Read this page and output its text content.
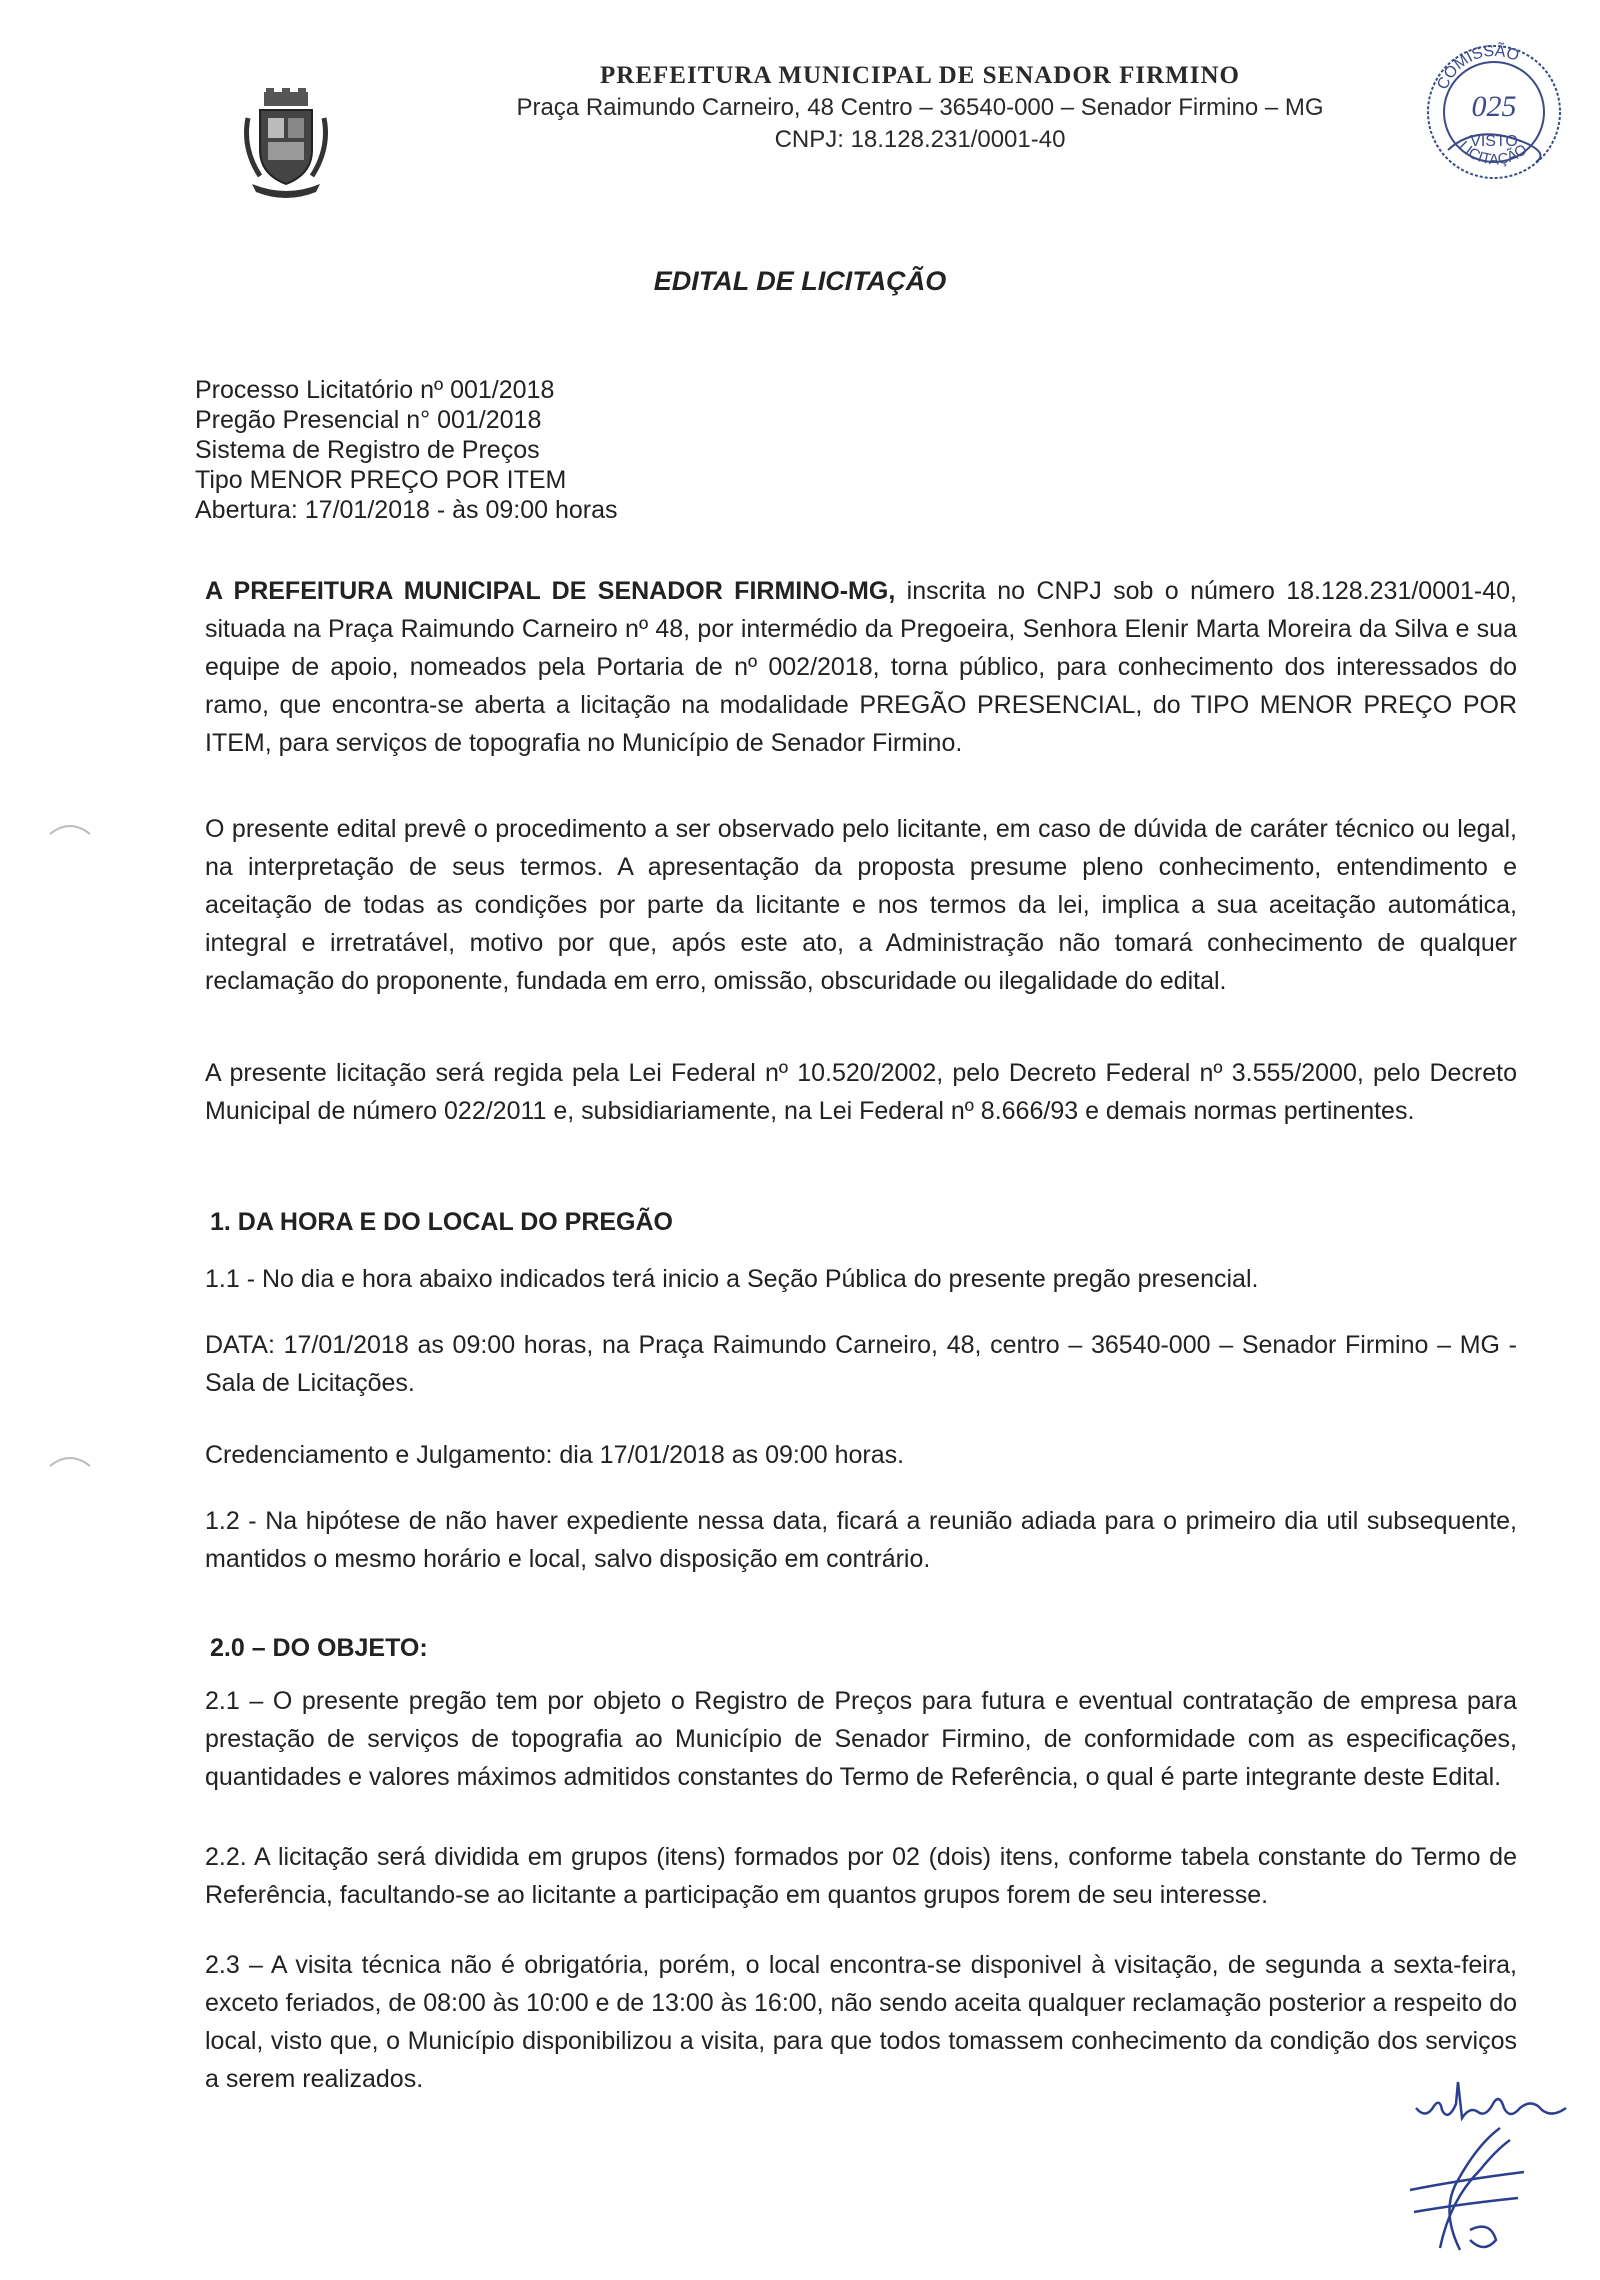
PREFEITURA MUNICIPAL DE SENADOR FIRMINO
Praça Raimundo Carneiro, 48 Centro – 36540-000 – Senador Firmino – MG
CNPJ: 18.128.231/0001-40
COMISSÃO
LICITAÇÃO
025
VISTO
EDITAL DE LICITAÇÃO
Processo Licitatório nº 001/2018
Pregão Presencial n° 001/2018
Sistema de Registro de Preços
Tipo MENOR PREÇO POR ITEM
Abertura: 17/01/2018 - às 09:00 horas
A PREFEITURA MUNICIPAL DE SENADOR FIRMINO-MG, inscrita no CNPJ sob o número 18.128.231/0001-40, situada na Praça Raimundo Carneiro nº 48, por intermédio da Pregoeira, Senhora Elenir Marta Moreira da Silva e sua equipe de apoio, nomeados pela Portaria de nº 002/2018, torna público, para conhecimento dos interessados do ramo, que encontra-se aberta a licitação na modalidade PREGÃO PRESENCIAL, do TIPO MENOR PREÇO POR ITEM, para serviços de topografia no Município de Senador Firmino.
O presente edital prevê o procedimento a ser observado pelo licitante, em caso de dúvida de caráter técnico ou legal, na interpretação de seus termos. A apresentação da proposta presume pleno conhecimento, entendimento e aceitação de todas as condições por parte da licitante e nos termos da lei, implica a sua aceitação automática, integral e irretratável, motivo por que, após este ato, a Administração não tomará conhecimento de qualquer reclamação do proponente, fundada em erro, omissão, obscuridade ou ilegalidade do edital.
A presente licitação será regida pela Lei Federal nº 10.520/2002, pelo Decreto Federal nº 3.555/2000, pelo Decreto Municipal de número 022/2011 e, subsidiariamente, na Lei Federal nº 8.666/93 e demais normas pertinentes.
1. DA HORA E DO LOCAL DO PREGÃO
1.1 - No dia e hora abaixo indicados terá inicio a Seção Pública do presente pregão presencial.
DATA: 17/01/2018 as 09:00 horas, na Praça Raimundo Carneiro, 48, centro – 36540-000 – Senador Firmino – MG - Sala de Licitações.
Credenciamento e Julgamento: dia 17/01/2018 as 09:00 horas.
1.2 - Na hipótese de não haver expediente nessa data, ficará a reunião adiada para o primeiro dia util subsequente, mantidos o mesmo horário e local, salvo disposição em contrário.
2.0 – DO OBJETO:
2.1 – O presente pregão tem por objeto o Registro de Preços para futura e eventual contratação de empresa para prestação de serviços de topografia ao Município de Senador Firmino, de conformidade com as especificações, quantidades e valores máximos admitidos constantes do Termo de Referência, o qual é parte integrante deste Edital.
2.2. A licitação será dividida em grupos (itens) formados por 02 (dois) itens, conforme tabela constante do Termo de Referência, facultando-se ao licitante a participação em quantos grupos forem de seu interesse.
2.3 – A visita técnica não é obrigatória, porém, o local encontra-se disponivel à visitação, de segunda a sexta-feira, exceto feriados, de 08:00 às 10:00 e de 13:00 às 16:00, não sendo aceita qualquer reclamação posterior a respeito do local, visto que, o Município disponibilizou a visita, para que todos tomassem conhecimento da condição dos serviços a serem realizados.
